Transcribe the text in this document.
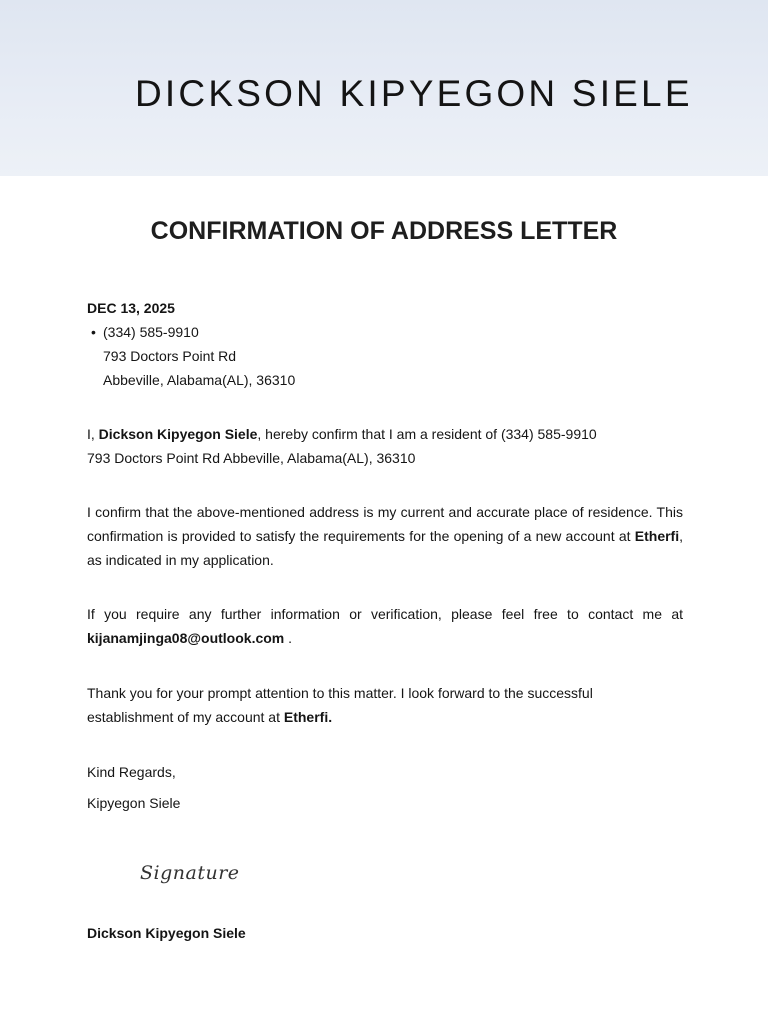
DICKSON KIPYEGON SIELE
CONFIRMATION OF ADDRESS LETTER
DEC 13, 2025
• (334) 585-9910
793 Doctors Point Rd
Abbeville, Alabama(AL), 36310
I, Dickson Kipyegon Siele, hereby confirm that I am a resident of (334) 585-9910
793 Doctors Point Rd Abbeville, Alabama(AL), 36310
I confirm that the above-mentioned address is my current and accurate place of residence. This confirmation is provided to satisfy the requirements for the opening of a new account at Etherfi, as indicated in my application.
If you require any further information or verification, please feel free to contact me at kijanamjinga08@outlook.com .
Thank you for your prompt attention to this matter. I look forward to the successful establishment of my account at Etherfi.
Kind Regards,
Kipyegon Siele
Signature
Dickson Kipyegon Siele
